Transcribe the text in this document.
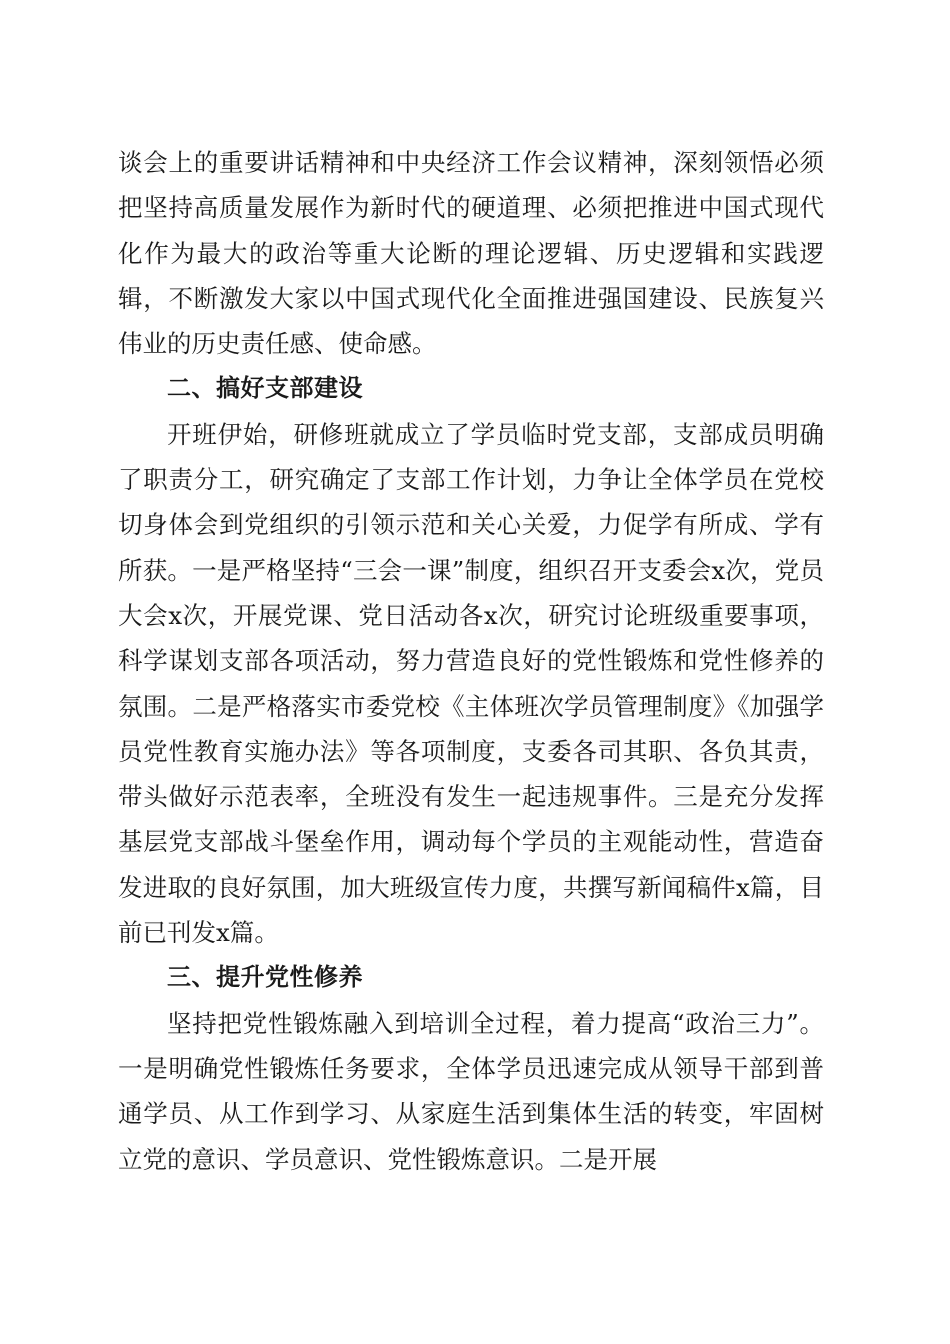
谈会上的重要讲话精神和中央经济工作会议精神，深刻领悟必须把坚持高质量发展作为新时代的硬道理、必须把推进中国式现代化作为最大的政治等重大论断的理论逻辑、历史逻辑和实践逻辑，不断激发大家以中国式现代化全面推进强国建设、民族复兴伟业的历史责任感、使命感。

二、搞好支部建设

开班伊始，研修班就成立了学员临时党支部，支部成员明确了职责分工，研究确定了支部工作计划，力争让全体学员在党校切身体会到党组织的引领示范和关心关爱，力促学有所成、学有所获。一是严格坚持“三会一课”制度，组织召开支委会x次，党员大会x次，开展党课、党日活动各x次，研究讨论班级重要事项，科学谋划支部各项活动，努力营造良好的党性锻炼和党性修养的氛围。二是严格落实市委党校《主体班次学员管理制度》《加强学员党性教育实施办法》等各项制度，支委各司其职、各负其责，带头做好示范表率，全班没有发生一起违规事件。三是充分发挥基层党支部战斗堡垒作用，调动每个学员的主观能动性，营造奋发进取的良好氛围，加大班级宣传力度，共撰写新闻稿件x篇，目前已刊发x篇。

三、提升党性修养

坚持把党性锻炼融入到培训全过程，着力提高“政治三力”。一是明确党性锻炼任务要求，全体学员迅速完成从领导干部到普通学员、从工作到学习、从家庭生活到集体生活的转变，牢固树立党的意识、学员意识、党性锻炼意识。二是开展
